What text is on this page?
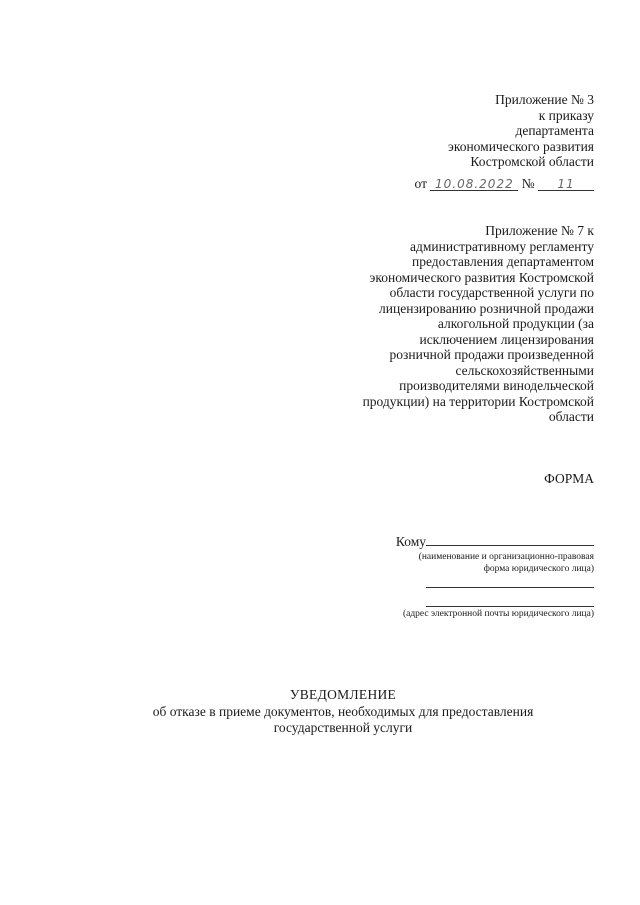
Приложение № 3
к приказу
департамента
экономического развития
Костромской области
от 10.08.2022 № 11
Приложение № 7 к
административному регламенту
предоставления департаментом
экономического развития Костромской
области государственной услуги по
лицензированию розничной продажи
алкогольной продукции (за
исключением лицензирования
розничной продажи произведенной
сельскохозяйственными
производителями винодельческой
продукции) на территории Костромской
области
ФОРМА
Кому
(наименование и организационно-правовая
форма юридического лица)
(адрес электронной почты юридического лица)
УВЕДОМЛЕНИЕ
об отказе в приеме документов, необходимых для предоставления
государственной услуги
